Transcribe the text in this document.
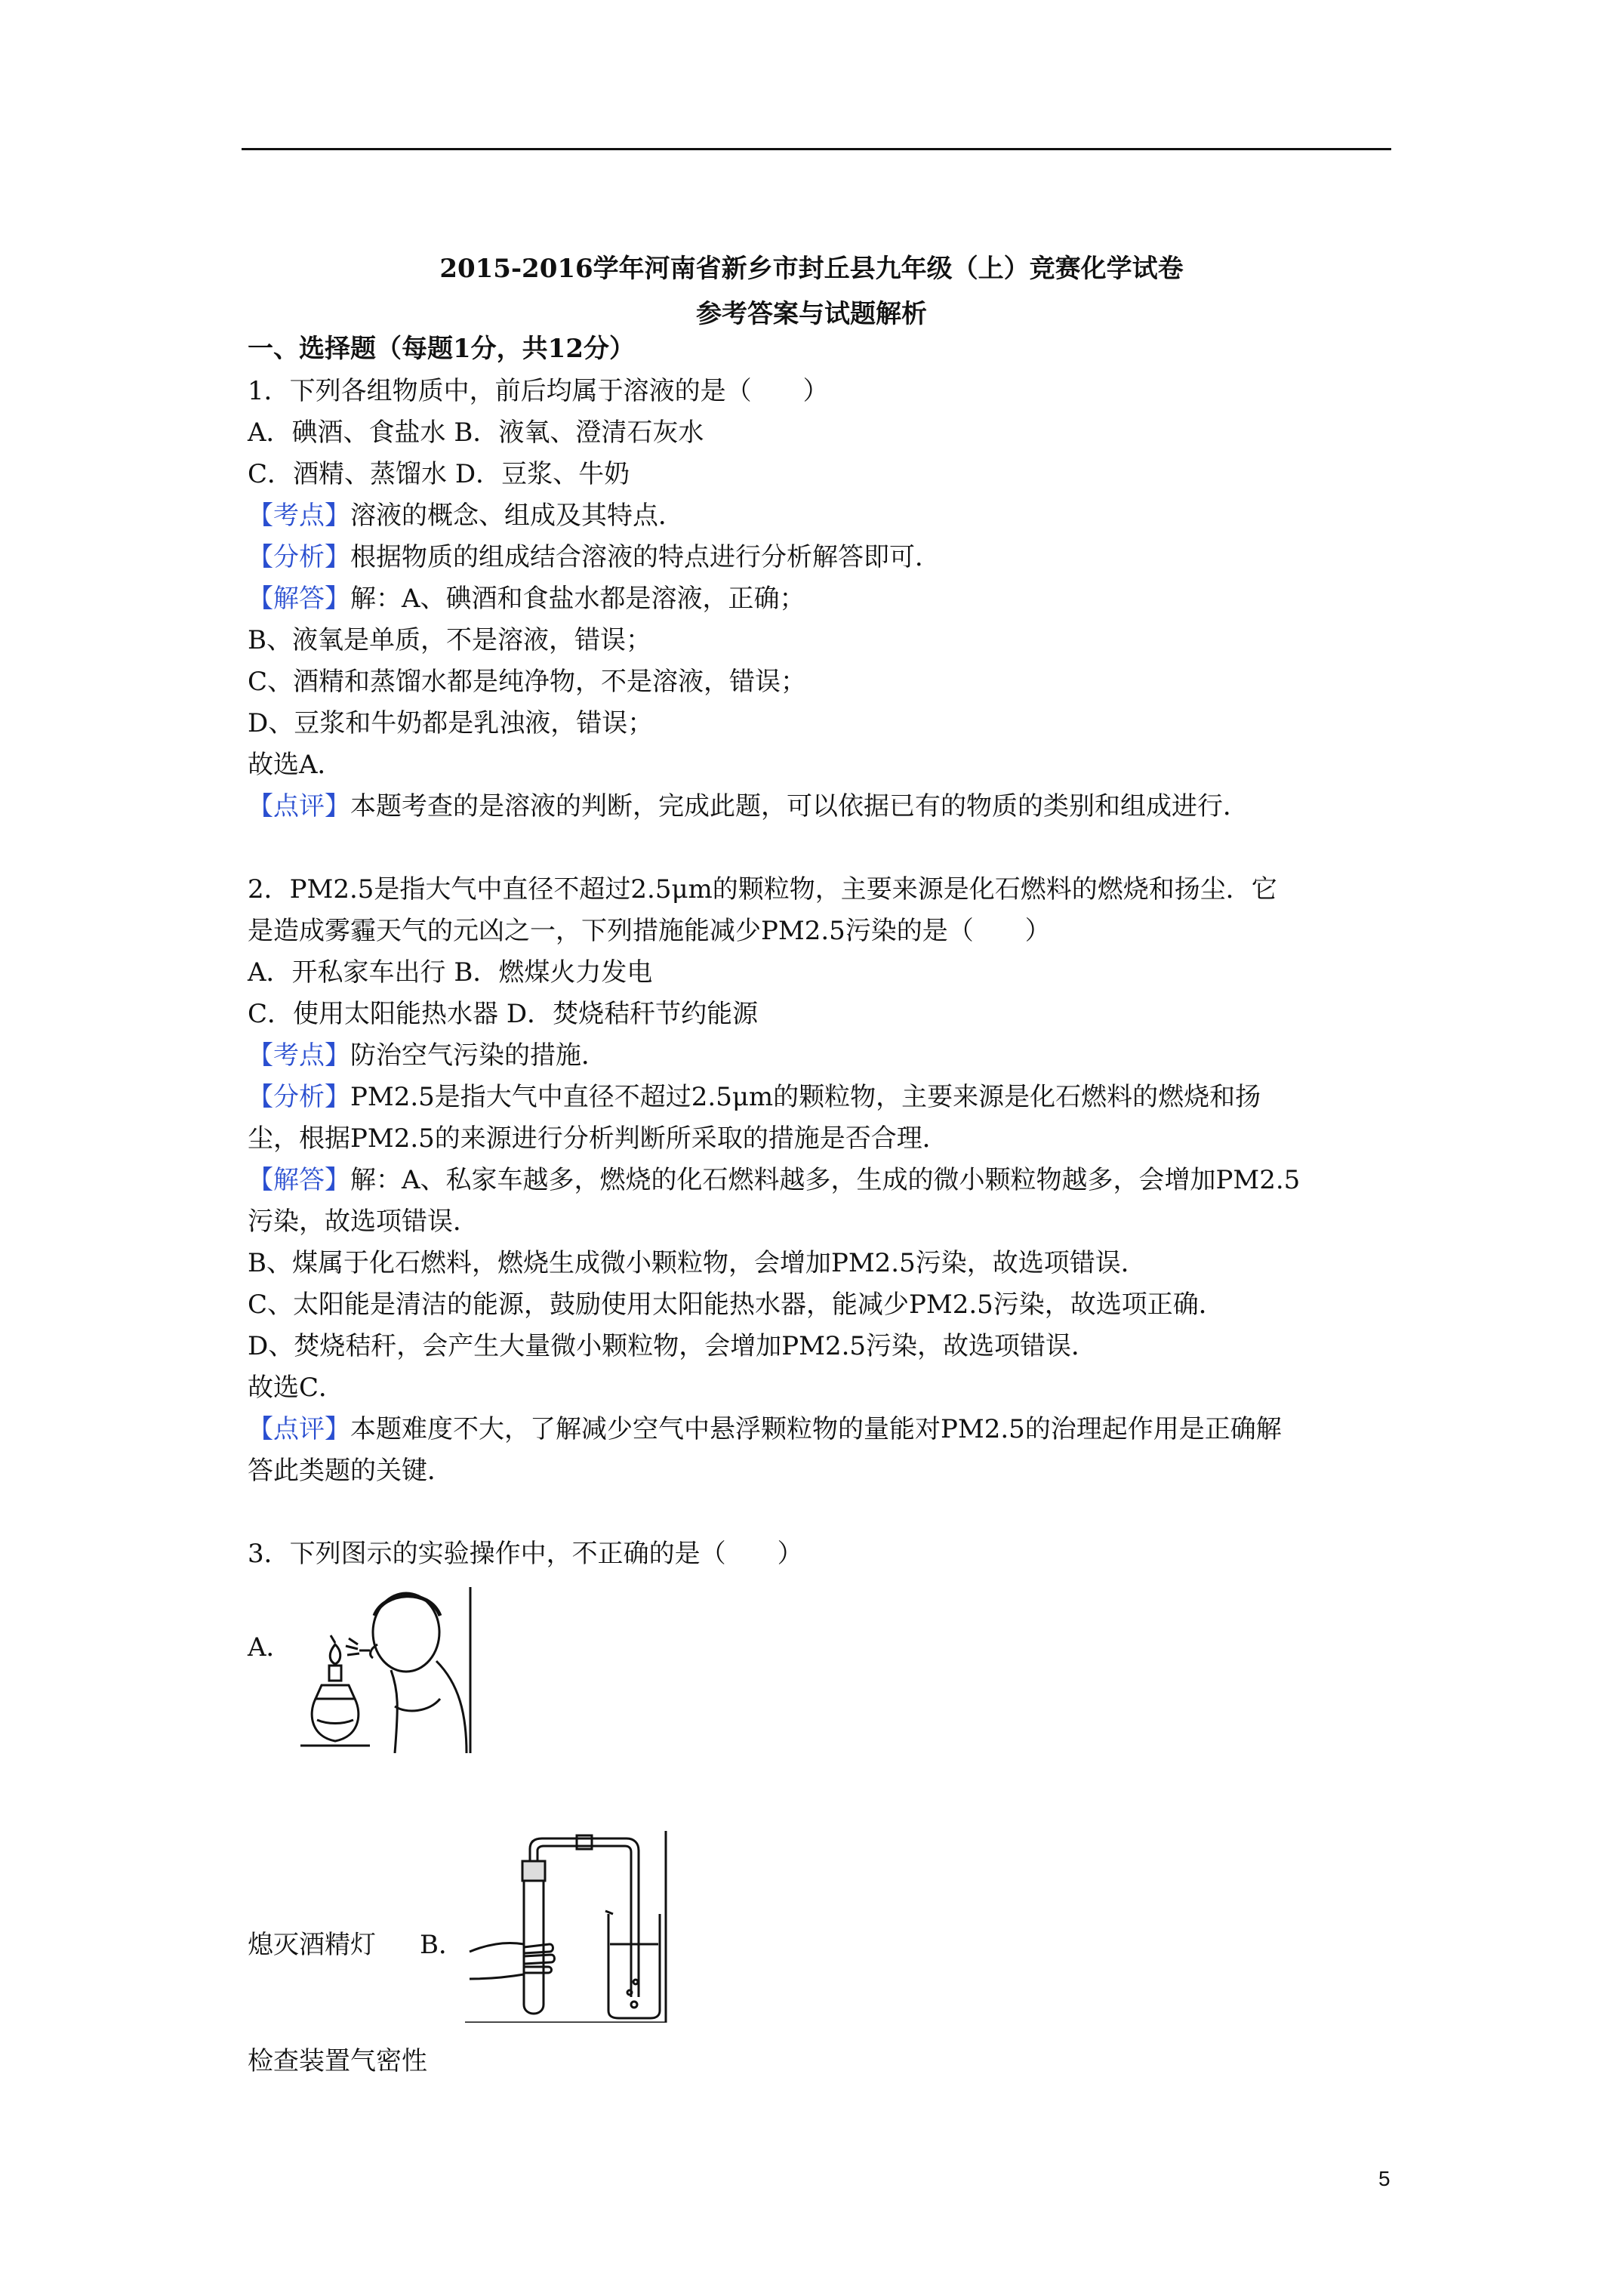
2015-2016学年河南省新乡市封丘县九年级（上）竞赛化学试卷
参考答案与试题解析
一、选择题（每题1分，共12分）
1．下列各组物质中，前后均属于溶液的是（　　）
A．碘酒、食盐水 B．液氧、澄清石灰水
C．酒精、蒸馏水 D．豆浆、牛奶
【考点】溶液的概念、组成及其特点．
【分析】根据物质的组成结合溶液的特点进行分析解答即可．
【解答】解：A、碘酒和食盐水都是溶液，正确；
B、液氧是单质，不是溶液，错误；
C、酒精和蒸馏水都是纯净物，不是溶液，错误；
D、豆浆和牛奶都是乳浊液，错误；
故选A．
【点评】本题考查的是溶液的判断，完成此题，可以依据已有的物质的类别和组成进行．
2．PM2.5是指大气中直径不超过2.5μm的颗粒物，主要来源是化石燃料的燃烧和扬尘．它
是造成雾霾天气的元凶之一，下列措施能减少PM2.5污染的是（　　）
A．开私家车出行 B．燃煤火力发电
C．使用太阳能热水器 D．焚烧秸秆节约能源
【考点】防治空气污染的措施．
【分析】PM2.5是指大气中直径不超过2.5μm的颗粒物，主要来源是化石燃料的燃烧和扬
尘，根据PM2.5的来源进行分析判断所采取的措施是否合理．
【解答】解：A、私家车越多，燃烧的化石燃料越多，生成的微小颗粒物越多，会增加PM2.5
污染，故选项错误．
B、煤属于化石燃料，燃烧生成微小颗粒物，会增加PM2.5污染，故选项错误．
C、太阳能是清洁的能源，鼓励使用太阳能热水器，能减少PM2.5污染，故选项正确．
D、焚烧秸秆，会产生大量微小颗粒物，会增加PM2.5污染，故选项错误．
故选C．
【点评】本题难度不大，了解减少空气中悬浮颗粒物的量能对PM2.5的治理起作用是正确解
答此类题的关键．
3．下列图示的实验操作中，不正确的是（　　）
A．
熄灭酒精灯 B．
检查装置气密性
5
